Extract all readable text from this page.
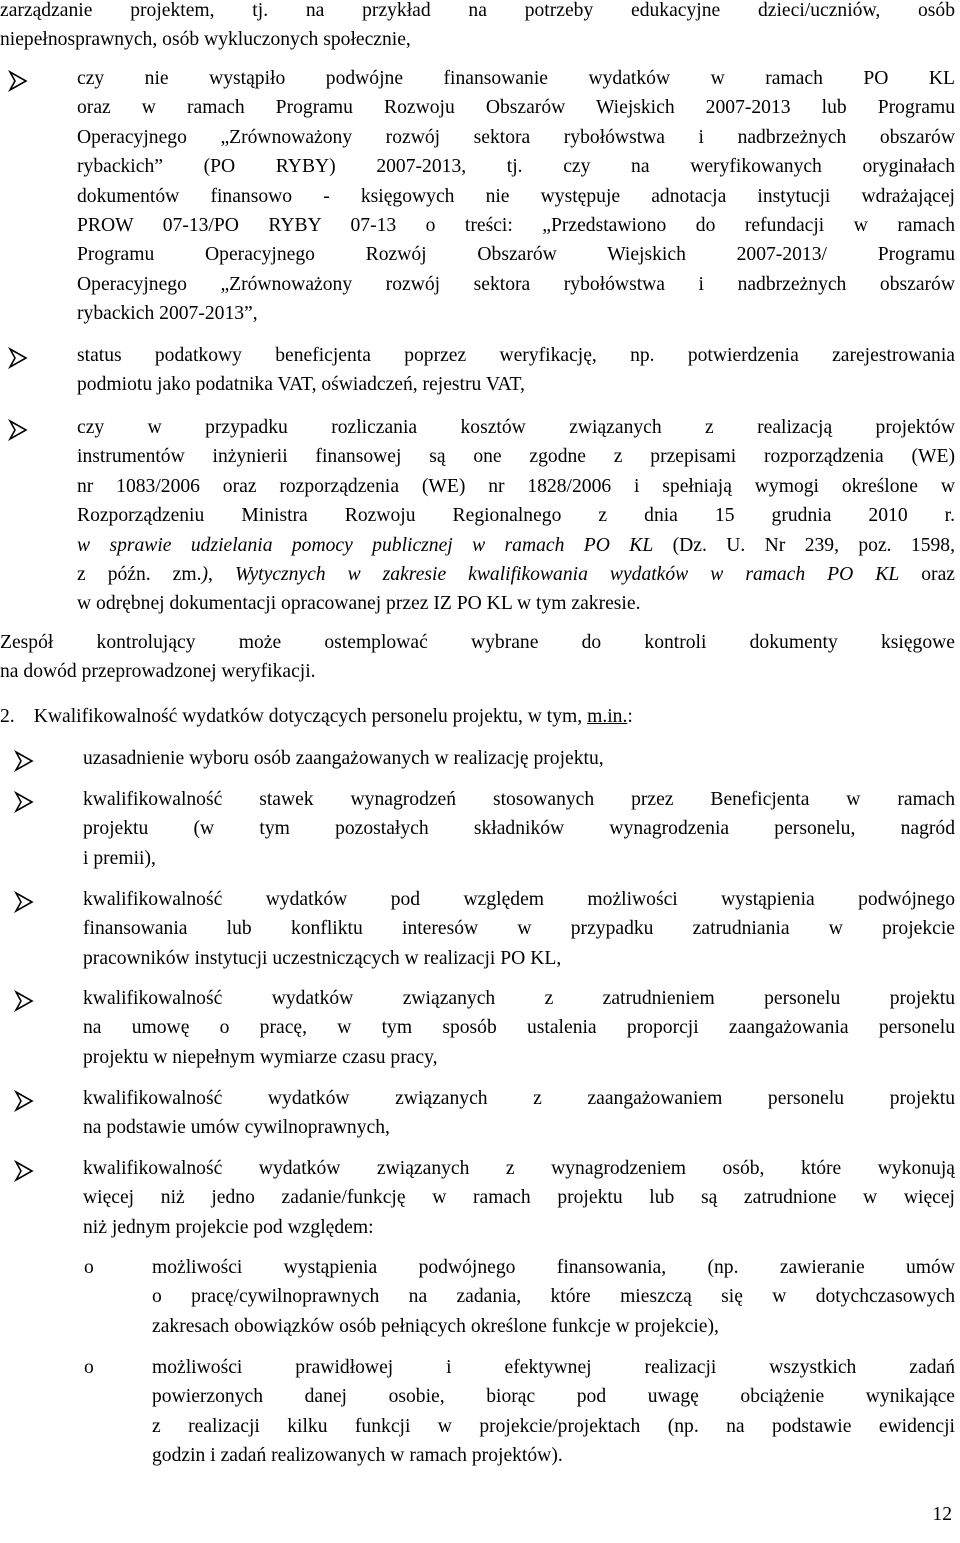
zarządzanie projektem, tj. na przykład na potrzeby edukacyjne dzieci/uczniów, osób
niepełnosprawnych, osób wykluczonych społecznie,
czy nie wystąpiło podwójne finansowanie wydatków w ramach PO KL
oraz w ramach Programu Rozwoju Obszarów Wiejskich 2007-2013 lub Programu
Operacyjnego „Zrównoważony rozwój sektora rybołówstwa i nadbrzeżnych obszarów
rybackich” (PO RYBY) 2007-2013, tj. czy na weryfikowanych oryginałach
dokumentów finansowo - księgowych nie występuje adnotacja instytucji wdrażającej
PROW 07-13/PO RYBY 07-13 o treści: „Przedstawiono do refundacji w ramach
Programu Operacyjnego Rozwój Obszarów Wiejskich 2007-2013/ Programu
Operacyjnego „Zrównoważony rozwój sektora rybołówstwa i nadbrzeżnych obszarów
rybackich 2007-2013”,
status podatkowy beneficjenta poprzez weryfikację, np. potwierdzenia zarejestrowania
podmiotu jako podatnika VAT, oświadczeń, rejestru VAT,
czy w przypadku rozliczania kosztów związanych z realizacją projektów
instrumentów inżynierii finansowej są one zgodne z przepisami rozporządzenia (WE)
nr 1083/2006 oraz rozporządzenia (WE) nr 1828/2006 i spełniają wymogi określone w
Rozporządzeniu Ministra Rozwoju Regionalnego z dnia 15 grudnia 2010 r.
w sprawie udzielania pomocy publicznej w ramach PO KL (Dz. U. Nr 239, poz. 1598,
z późn. zm.), Wytycznych w zakresie kwalifikowania wydatków w ramach PO KL oraz
w odrębnej dokumentacji opracowanej przez IZ PO KL w tym zakresie.
Zespół kontrolujący może ostemplować wybrane do kontroli dokumenty księgowe
na dowód przeprowadzonej weryfikacji.
2. Kwalifikowalność wydatków dotyczących personelu projektu, w tym, m.in.:
uzasadnienie wyboru osób zaangażowanych w realizację projektu,
kwalifikowalność stawek wynagrodzeń stosowanych przez Beneficjenta w ramach
projektu (w tym pozostałych składników wynagrodzenia personelu, nagród
i premii),
kwalifikowalność wydatków pod względem możliwości wystąpienia podwójnego
finansowania lub konfliktu interesów w przypadku zatrudniania w projekcie
pracowników instytucji uczestniczących w realizacji PO KL,
kwalifikowalność wydatków związanych z zatrudnieniem personelu projektu
na umowę o pracę, w tym sposób ustalenia proporcji zaangażowania personelu
projektu w niepełnym wymiarze czasu pracy,
kwalifikowalność wydatków związanych z zaangażowaniem personelu projektu
na podstawie umów cywilnoprawnych,
kwalifikowalność wydatków związanych z wynagrodzeniem osób, które wykonują
więcej niż jedno zadanie/funkcję w ramach projektu lub są zatrudnione w więcej
niż jednym projekcie pod względem:
o	możliwości wystąpienia podwójnego finansowania, (np. zawieranie umów
o pracę/cywilnoprawnych na zadania, które mieszczą się w dotychczasowych
zakresach obowiązków osób pełniących określone funkcje w projekcie),
o	możliwości prawidłowej i efektywnej realizacji wszystkich zadań
powierzonych danej osobie, biorąc pod uwagę obciążenie wynikające
z realizacji kilku funkcji w projekcie/projektach (np. na podstawie ewidencji
godzin i zadań realizowanych w ramach projektów).
12
